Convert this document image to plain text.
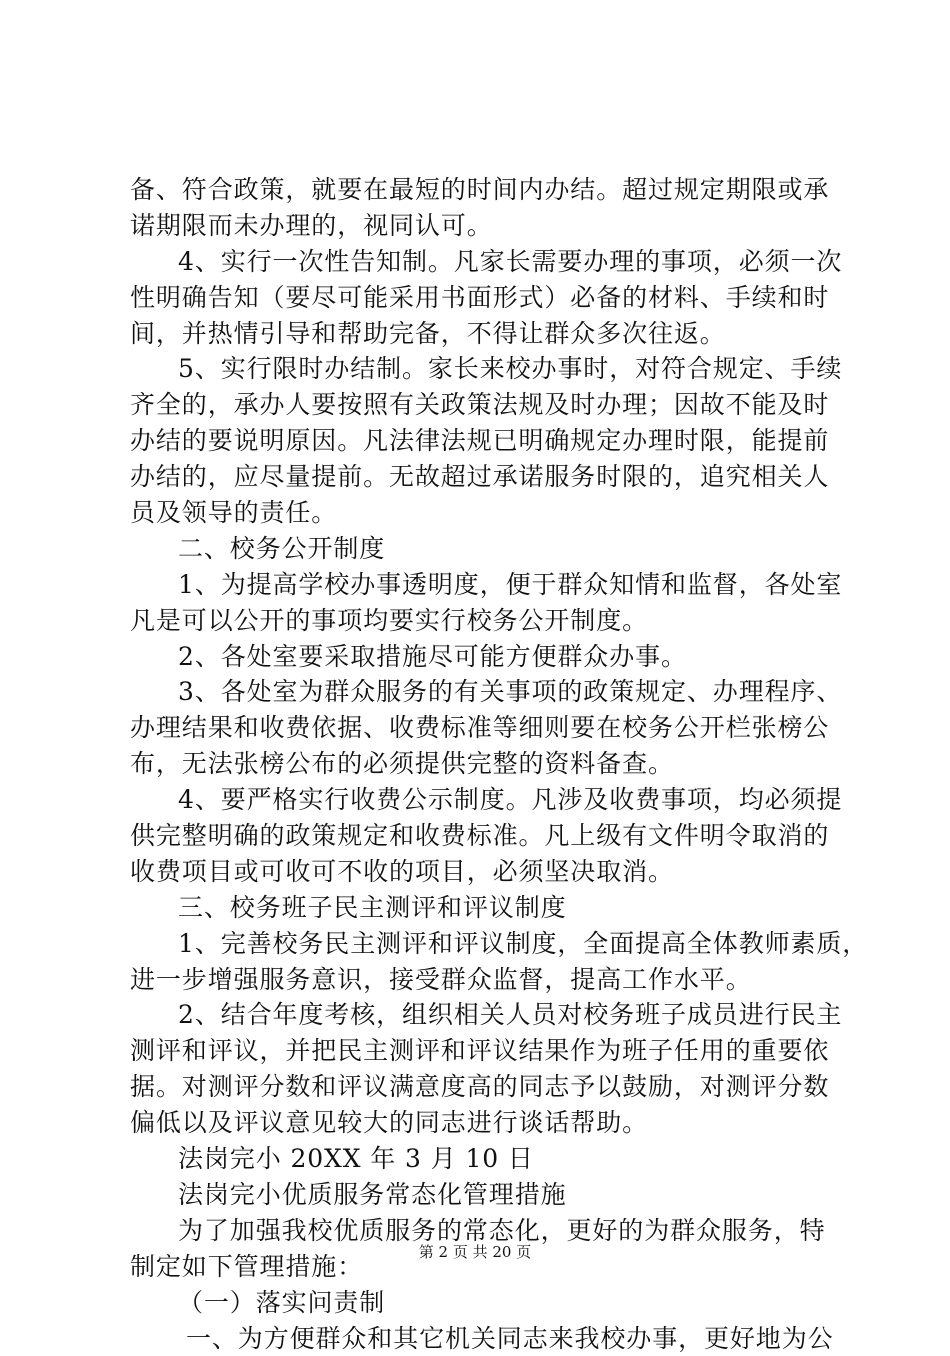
备、符合政策，就要在最短的时间内办结。超过规定期限或承
诺期限而未办理的，视同认可。
4、实行一次性告知制。凡家长需要办理的事项，必须一次
性明确告知（要尽可能采用书面形式）必备的材料、手续和时
间，并热情引导和帮助完备，不得让群众多次往返。
5、实行限时办结制。家长来校办事时，对符合规定、手续
齐全的，承办人要按照有关政策法规及时办理；因故不能及时
办结的要说明原因。凡法律法规已明确规定办理时限，能提前
办结的，应尽量提前。无故超过承诺服务时限的，追究相关人
员及领导的责任。
二、校务公开制度
1、为提高学校办事透明度，便于群众知情和监督，各处室
凡是可以公开的事项均要实行校务公开制度。
2、各处室要采取措施尽可能方便群众办事。
3、各处室为群众服务的有关事项的政策规定、办理程序、
办理结果和收费依据、收费标准等细则要在校务公开栏张榜公
布，无法张榜公布的必须提供完整的资料备查。
4、要严格实行收费公示制度。凡涉及收费事项，均必须提
供完整明确的政策规定和收费标准。凡上级有文件明令取消的
收费项目或可收可不收的项目，必须坚决取消。
三、校务班子民主测评和评议制度
1、完善校务民主测评和评议制度，全面提高全体教师素质，
进一步增强服务意识，接受群众监督，提高工作水平。
2、结合年度考核，组织相关人员对校务班子成员进行民主
测评和评议，并把民主测评和评议结果作为班子任用的重要依
据。对测评分数和评议满意度高的同志予以鼓励，对测评分数
偏低以及评议意见较大的同志进行谈话帮助。
法岗完小 20XX 年 3 月 10 日
法岗完小优质服务常态化管理措施
为了加强我校优质服务的常态化，更好的为群众服务，特
制定如下管理措施：
（一）落实问责制
一、为方便群众和其它机关同志来我校办事，更好地为公
第 2 页 共 20 页
